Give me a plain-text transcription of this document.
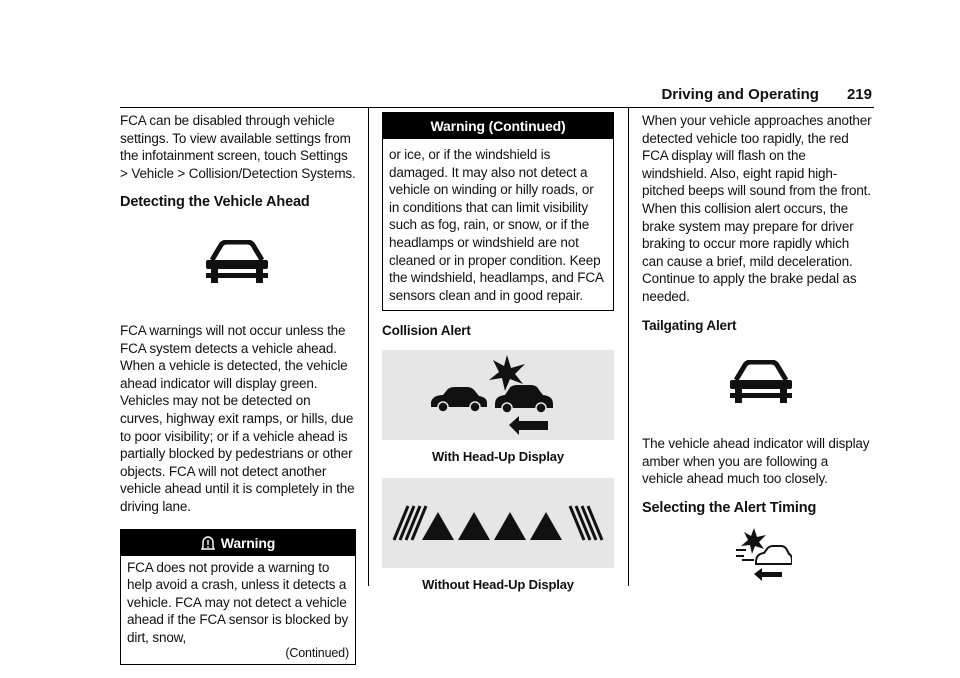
Driving and Operating 219

FCA can be disabled through vehicle settings. To view available settings from the infotainment screen, touch Settings > Vehicle > Collision/Detection Systems.

Detecting the Vehicle Ahead

FCA warnings will not occur unless the FCA system detects a vehicle ahead. When a vehicle is detected, the vehicle ahead indicator will display green. Vehicles may not be detected on curves, highway exit ramps, or hills, due to poor visibility; or if a vehicle ahead is partially blocked by pedestrians or other objects. FCA will not detect another vehicle ahead until it is completely in the driving lane.

Warning

FCA does not provide a warning to help avoid a crash, unless it detects a vehicle. FCA may not detect a vehicle ahead if the FCA sensor is blocked by dirt, snow,

(Continued)

Warning (Continued)

or ice, or if the windshield is damaged. It may also not detect a vehicle on winding or hilly roads, or in conditions that can limit visibility such as fog, rain, or snow, or if the headlamps or windshield are not cleaned or in proper condition. Keep the windshield, headlamps, and FCA sensors clean and in good repair.

Collision Alert

With Head-Up Display

Without Head-Up Display

When your vehicle approaches another detected vehicle too rapidly, the red FCA display will flash on the windshield. Also, eight rapid high-pitched beeps will sound from the front. When this collision alert occurs, the brake system may prepare for driver braking to occur more rapidly which can cause a brief, mild deceleration. Continue to apply the brake pedal as needed.

Tailgating Alert

The vehicle ahead indicator will display amber when you are following a vehicle ahead much too closely.

Selecting the Alert Timing
